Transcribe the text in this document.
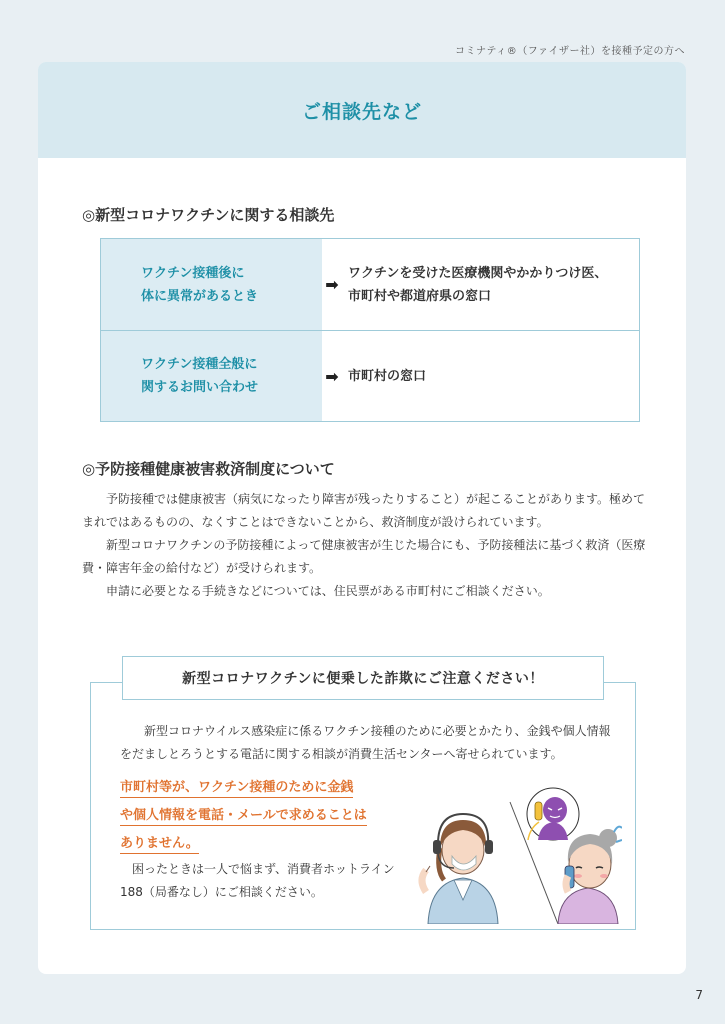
コミナティ®（ファイザー社）を接種予定の方へ
ご相談先など
◎新型コロナワクチンに関する相談先
ワクチン接種後に
体に異常があるとき
➡
ワクチンを受けた医療機関やかかりつけ医、
市町村や都道府県の窓口
ワクチン接種全般に
関するお問い合わせ
➡ 市町村の窓口
◎予防接種健康被害救済制度について

予防接種では健康被害（病気になったり障害が残ったりすること）が起こることがあります。極めてまれではあるものの、なくすことはできないことから、救済制度が設けられています。

新型コロナワクチンの予防接種によって健康被害が生じた場合にも、予防接種法に基づく救済（医療費・障害年金の給付など）が受けられます。

申請に必要となる手続きなどについては、住民票がある市町村にご相談ください。

新型コロナワクチンに便乗した詐欺にご注意ください！
新型コロナウイルス感染症に係るワクチン接種のために必要とかたり、金銭や個人情報をだましとろうとする電話に関する相談が消費生活センターへ寄せられています。
市町村等が、ワクチン接種のために金銭
や個人情報を電話・メールで求めることは
ありません。
困ったときは一人で悩まず、消費者ホットライン188（局番なし）にご相談ください。
7
